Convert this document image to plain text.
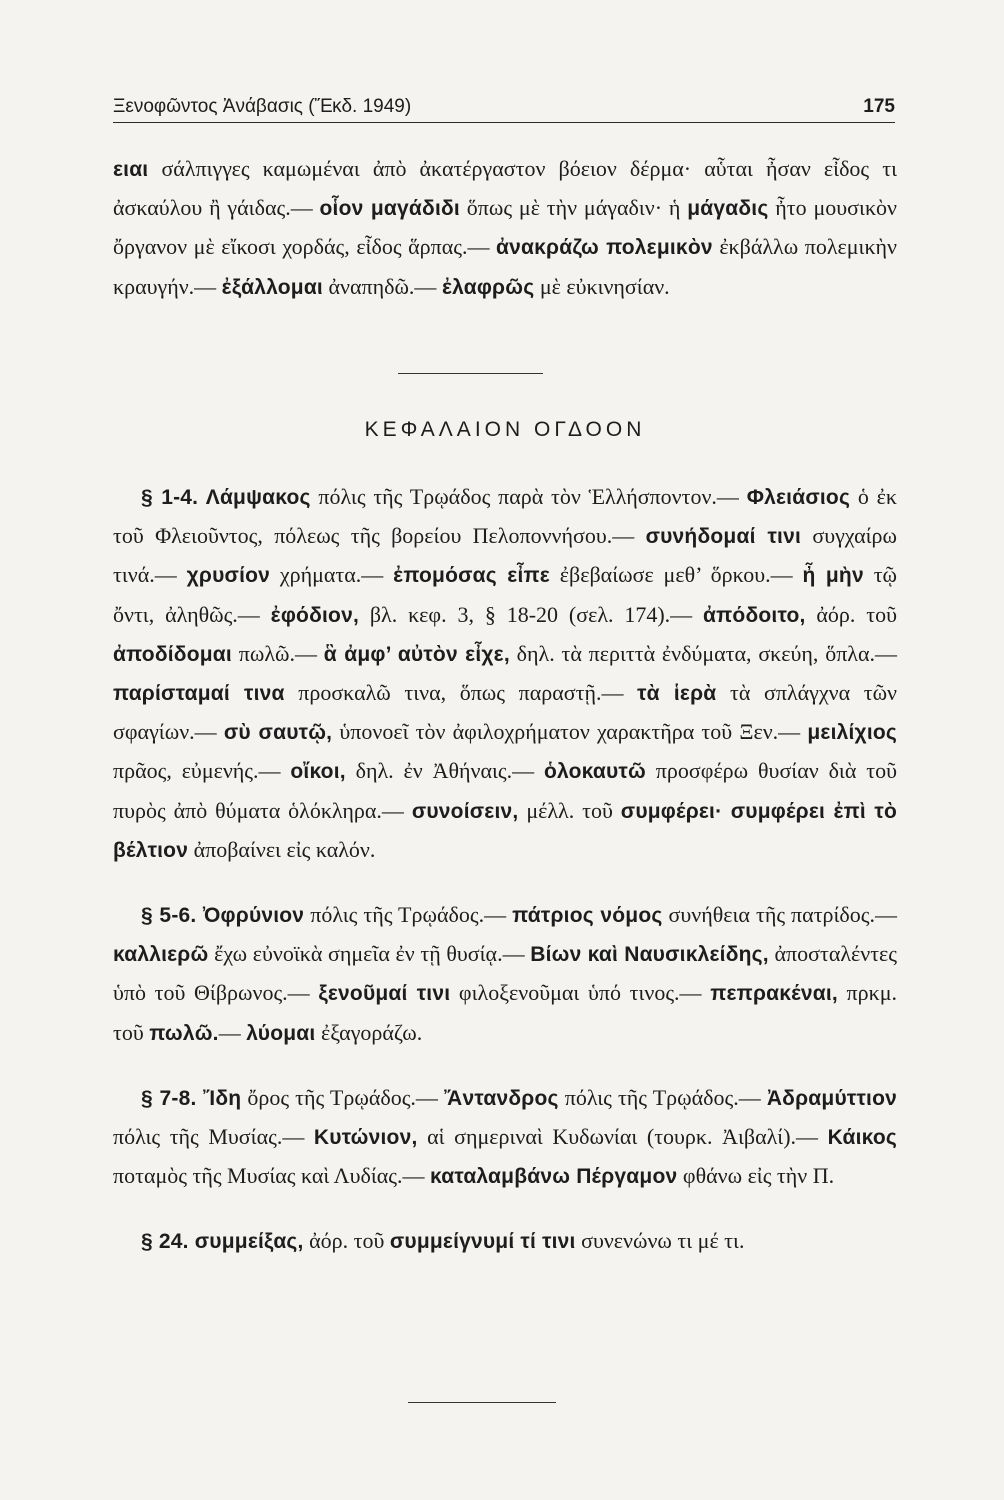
Ξενοφῶντος Ἀνάβασις (Ἔκδ. 1949)	175

ειαι σάλπιγγες καμωμέναι ἀπὸ ἀκατέργαστον βόειον δέρμα· αὗται ἦσαν εἶδος τι ἀσκαύλου ἢ γάιδας.— οἷον μαγάδιδι ὅπως μὲ τὴν μάγαδιν· ἡ μάγαδις ἦτο μουσικὸν ὄργανον μὲ εἴκοσι χορδάς, εἶδος ἅρπας.— ἀνακράζω πολεμικὸν ἐκβάλλω πολεμικὴν κραυγήν.— ἐξάλλομαι ἀναπηδῶ.— ἐλαφρῶς μὲ εὐκινησίαν.

ΚΕΦΑΛΑΙΟΝ ΟΓΔΟΟΝ

§ 1-4. Λάμψακος πόλις τῆς Τρῳάδος παρὰ τὸν Ἑλλήσποντον.— Φλειάσιος ὁ ἐκ τοῦ Φλειοῦντος, πόλεως τῆς βορείου Πελοποννήσου.— συνήδομαί τινι συγχαίρω τινά.— χρυσίον χρήματα.— ἐπομόσας εἶπε ἐβεβαίωσε μεθ’ ὅρκου.— ἦ μὴν τῷ ὄντι, ἀληθῶς.— ἐφόδιον, βλ. κεφ. 3, § 18-20 (σελ. 174).— ἀπόδοιτο, ἀόρ. τοῦ ἀποδίδομαι πωλῶ.— ἃ ἀμφ’ αὐτὸν εἶχε, δηλ. τὰ περιττὰ ἐνδύματα, σκεύη, ὅπλα.— παρίσταμαί τινα προσκαλῶ τινα, ὅπως παραστῇ.— τὰ ἱερὰ τὰ σπλάγχνα τῶν σφαγίων.— σὺ σαυτῷ, ὑπονοεῖ τὸν ἀφιλοχρήματον χαρακτῆρα τοῦ Ξεν.— μειλίχιος πρᾶος, εὐμενής.— οἴκοι, δηλ. ἐν Ἀθήναις.— ὁλοκαυτῶ προσφέρω θυσίαν διὰ τοῦ πυρὸς ἀπὸ θύματα ὁλόκληρα.— συνοίσειν, μέλλ. τοῦ συμφέρει· συμφέρει ἐπὶ τὸ βέλτιον ἀποβαίνει εἰς καλόν.

§ 5-6. Ὀφρύνιον πόλις τῆς Τρῳάδος.— πάτριος νόμος συνήθεια τῆς πατρίδος.— καλλιερῶ ἔχω εὐνοϊκὰ σημεῖα ἐν τῇ θυσίᾳ.— Βίων καὶ Ναυσικλείδης, ἀποσταλέντες ὑπὸ τοῦ Θίβρωνος.— ξενοῦμαί τινι φιλοξενοῦμαι ὑπό τινος.— πεπρακέναι, πρκμ. τοῦ πωλῶ.— λύομαι ἐξαγοράζω.

§ 7-8. Ἴδη ὄρος τῆς Τρῳάδος.— Ἄντανδρος πόλις τῆς Τρῳάδος.— Ἀδραμύττιον πόλις τῆς Μυσίας.— Κυτώνιον, αἱ σημεριναὶ Κυδωνίαι (τουρκ. Ἀιβαλί).— Κάικος ποταμὸς τῆς Μυσίας καὶ Λυδίας.— καταλαμβάνω Πέργαμον φθάνω εἰς τὴν Π.

§ 24. συμμείξας, ἀόρ. τοῦ συμμείγνυμί τί τινι συνενώνω τι μέ τι.
